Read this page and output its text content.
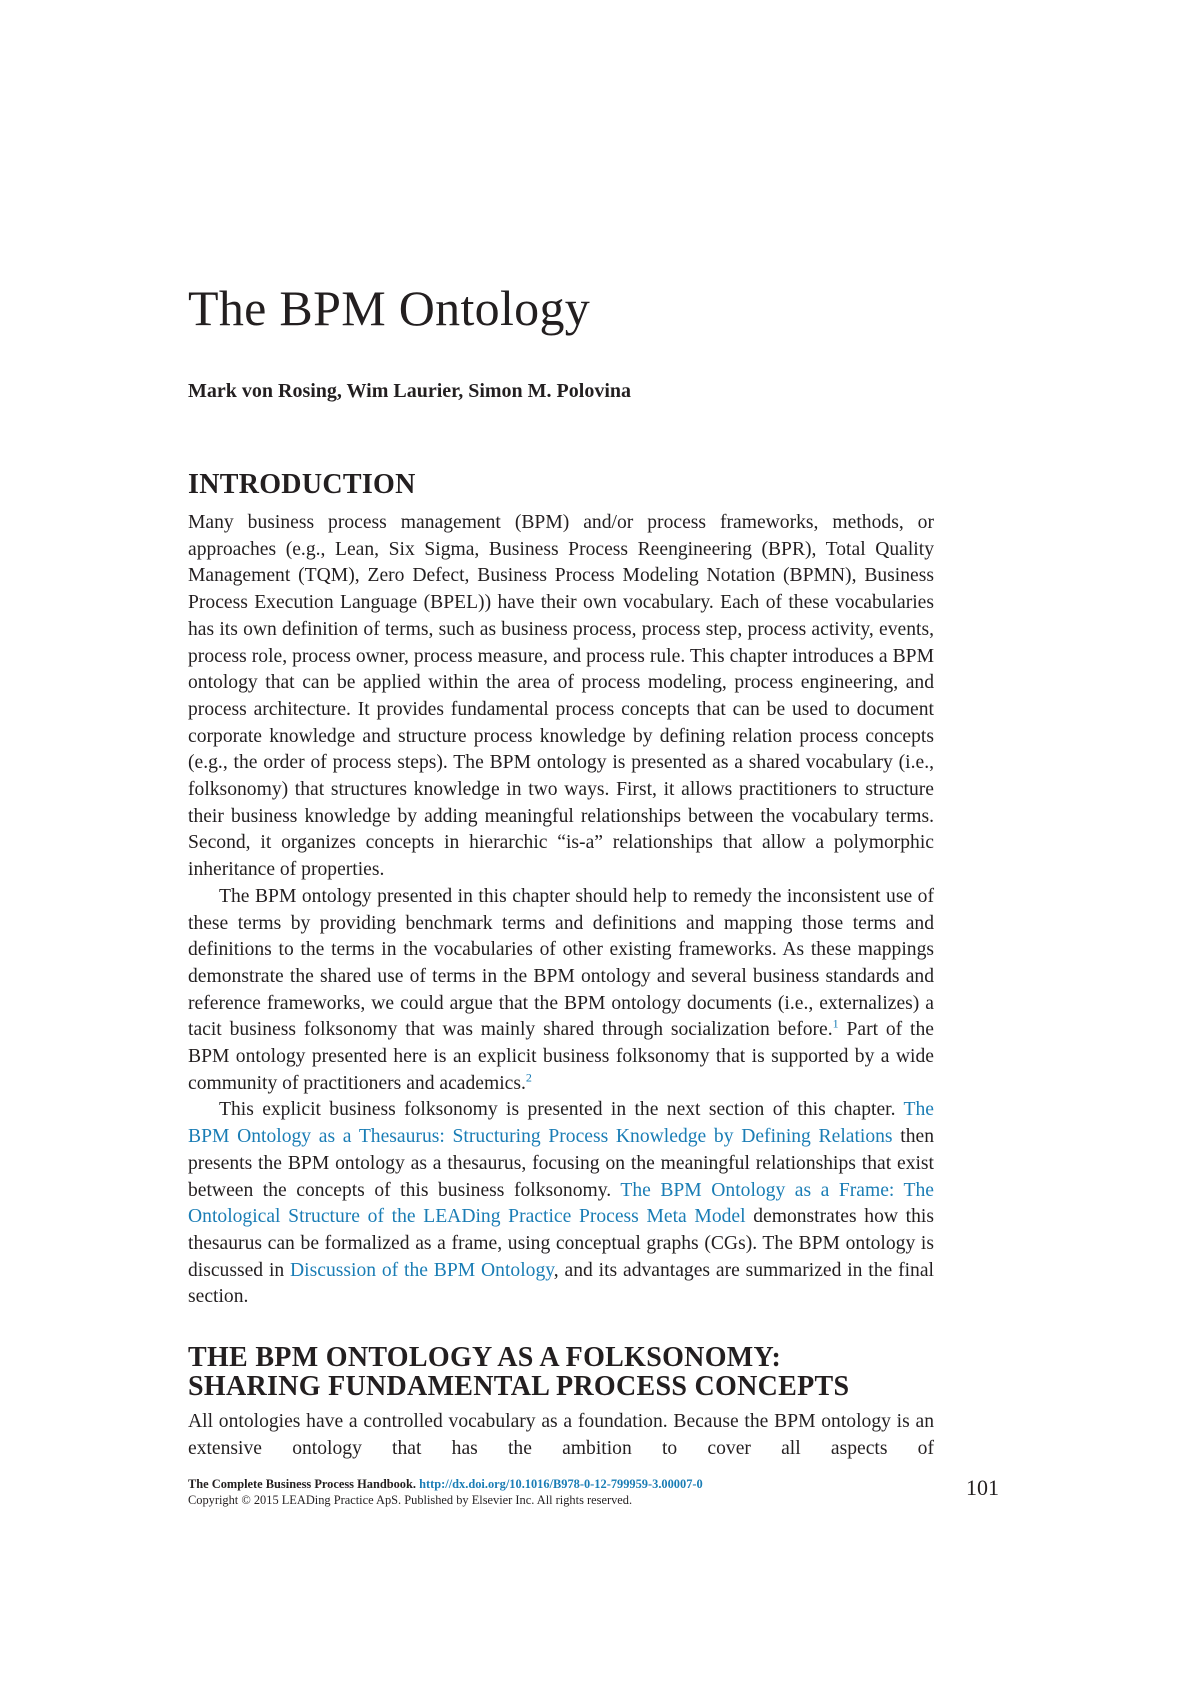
The BPM Ontology

Mark von Rosing, Wim Laurier, Simon M. Polovina

INTRODUCTION

Many business process management (BPM) and/or process frameworks, methods, or approaches (e.g., Lean, Six Sigma, Business Process Reengineering (BPR), Total Quality Management (TQM), Zero Defect, Business Process Modeling Notation (BPMN), Business Process Execution Language (BPEL)) have their own vocabulary. Each of these vocabularies has its own definition of terms, such as business process, process step, process activity, events, process role, process owner, process measure, and process rule. This chapter introduces a BPM ontology that can be applied within the area of process modeling, process engineering, and process architecture. It provides fundamental process concepts that can be used to document corporate knowledge and structure process knowledge by defining relation process concepts (e.g., the order of process steps). The BPM ontology is presented as a shared vocabulary (i.e., folksonomy) that structures knowledge in two ways. First, it allows practitioners to structure their business knowledge by adding meaningful relationships between the vocabulary terms. Second, it organizes concepts in hierarchic “is-a” relationships that allow a polymorphic inheritance of properties.

The BPM ontology presented in this chapter should help to remedy the inconsistent use of these terms by providing benchmark terms and definitions and mapping those terms and definitions to the terms in the vocabularies of other existing frameworks. As these mappings demonstrate the shared use of terms in the BPM ontology and several business standards and reference frameworks, we could argue that the BPM ontology documents (i.e., externalizes) a tacit business folksonomy that was mainly shared through socialization before.$^1$ Part of the BPM ontology presented here is an explicit business folksonomy that is supported by a wide community of practitioners and academics.$^2$

This explicit business folksonomy is presented in the next section of this chapter. The BPM Ontology as a Thesaurus: Structuring Process Knowledge by Defining Relations then presents the BPM ontology as a thesaurus, focusing on the meaningful relationships that exist between the concepts of this business folksonomy. The BPM Ontology as a Frame: The Ontological Structure of the LEADing Practice Process Meta Model demonstrates how this thesaurus can be formalized as a frame, using conceptual graphs (CGs). The BPM ontology is discussed in Discussion of the BPM Ontology, and its advantages are summarized in the final section.

THE BPM ONTOLOGY AS A FOLKSONOMY:
SHARING FUNDAMENTAL PROCESS CONCEPTS

All ontologies have a controlled vocabulary as a foundation. Because the BPM ontology is an extensive ontology that has the ambition to cover all aspects of

The Complete Business Process Handbook. http://dx.doi.org/10.1016/B978-0-12-799959-3.00007-0
Copyright © 2015 LEADing Practice ApS. Published by Elsevier Inc. All rights reserved.	101
